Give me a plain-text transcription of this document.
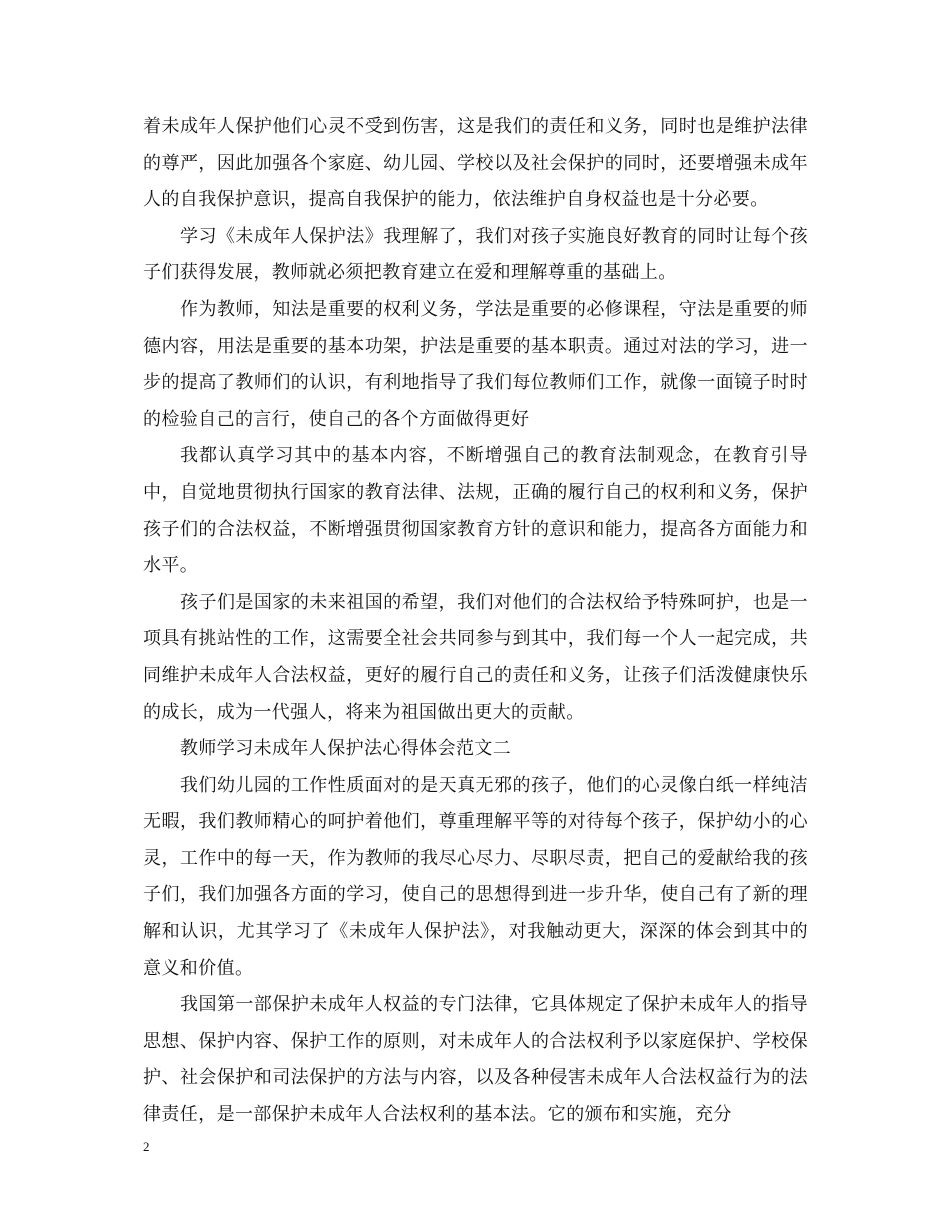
着未成年人保护他们心灵不受到伤害，这是我们的责任和义务，同时也是维护法律的尊严，因此加强各个家庭、幼儿园、学校以及社会保护的同时，还要增强未成年人的自我保护意识，提高自我保护的能力，依法维护自身权益也是十分必要。

学习《未成年人保护法》我理解了，我们对孩子实施良好教育的同时让每个孩子们获得发展，教师就必须把教育建立在爱和理解尊重的基础上。

作为教师，知法是重要的权利义务，学法是重要的必修课程，守法是重要的师德内容，用法是重要的基本功架，护法是重要的基本职责。通过对法的学习，进一步的提高了教师们的认识，有利地指导了我们每位教师们工作，就像一面镜子时时的检验自己的言行，使自己的各个方面做得更好

我都认真学习其中的基本内容，不断增强自己的教育法制观念，在教育引导中，自觉地贯彻执行国家的教育法律、法规，正确的履行自己的权利和义务，保护孩子们的合法权益，不断增强贯彻国家教育方针的意识和能力，提高各方面能力和水平。

孩子们是国家的未来祖国的希望，我们对他们的合法权给予特殊呵护，也是一项具有挑站性的工作，这需要全社会共同参与到其中，我们每一个人一起完成，共同维护未成年人合法权益，更好的履行自己的责任和义务，让孩子们活泼健康快乐的成长，成为一代强人，将来为祖国做出更大的贡献。

教师学习未成年人保护法心得体会范文二

我们幼儿园的工作性质面对的是天真无邪的孩子，他们的心灵像白纸一样纯洁无暇，我们教师精心的呵护着他们，尊重理解平等的对待每个孩子，保护幼小的心灵，工作中的每一天，作为教师的我尽心尽力、尽职尽责，把自己的爱献给我的孩子们，我们加强各方面的学习，使自己的思想得到进一步升华，使自己有了新的理解和认识，尤其学习了《未成年人保护法》，对我触动更大，深深的体会到其中的意义和价值。

我国第一部保护未成年人权益的专门法律，它具体规定了保护未成年人的指导思想、保护内容、保护工作的原则，对未成年人的合法权利予以家庭保护、学校保护、社会保护和司法保护的方法与内容，以及各种侵害未成年人合法权益行为的法律责任，是一部保护未成年人合法权利的基本法。它的颁布和实施，充分

2
